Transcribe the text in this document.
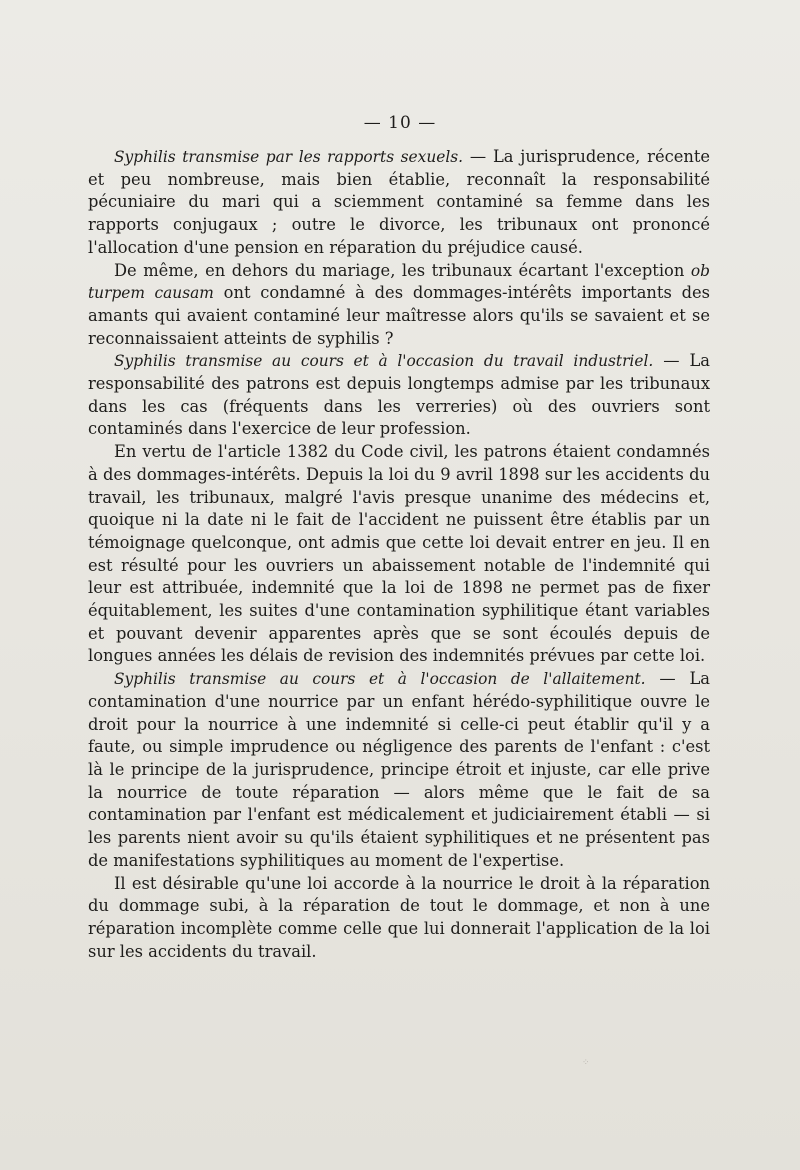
— 10 —

Syphilis transmise par les rapports sexuels. — La jurisprudence, récente et peu nombreuse, mais bien établie, reconnaît la responsabilité pécuniaire du mari qui a sciemment contaminé sa femme dans les rapports conjugaux ; outre le divorce, les tribunaux ont prononcé l'allocation d'une pension en réparation du préjudice causé.

De même, en dehors du mariage, les tribunaux écartant l'exception ob turpem causam ont condamné à des dommages-intérêts importants des amants qui avaient contaminé leur maîtresse alors qu'ils se savaient et se reconnaissaient atteints de syphilis ?

Syphilis transmise au cours et à l'occasion du travail industriel. — La responsabilité des patrons est depuis longtemps admise par les tribunaux dans les cas (fréquents dans les verreries) où des ouvriers sont contaminés dans l'exercice de leur profession.

En vertu de l'article 1382 du Code civil, les patrons étaient condamnés à des dommages-intérêts. Depuis la loi du 9 avril 1898 sur les accidents du travail, les tribunaux, malgré l'avis presque unanime des médecins et, quoique ni la date ni le fait de l'accident ne puissent être établis par un témoignage quelconque, ont admis que cette loi devait entrer en jeu. Il en est résulté pour les ouvriers un abaissement notable de l'indemnité qui leur est attribuée, indemnité que la loi de 1898 ne permet pas de fixer équitablement, les suites d'une contamination syphilitique étant variables et pouvant devenir apparentes après que se sont écoulés depuis de longues années les délais de revision des indemnités prévues par cette loi.

Syphilis transmise au cours et à l'occasion de l'allaitement. — La contamination d'une nourrice par un enfant hérédo-syphilitique ouvre le droit pour la nourrice à une indemnité si celle-ci peut établir qu'il y a faute, ou simple imprudence ou négligence des parents de l'enfant : c'est là le principe de la jurisprudence, principe étroit et injuste, car elle prive la nourrice de toute réparation — alors même que le fait de sa contamination par l'enfant est médicalement et judiciairement établi — si les parents nient avoir su qu'ils étaient syphilitiques et ne présentent pas de manifestations syphilitiques au moment de l'expertise.

Il est désirable qu'une loi accorde à la nourrice le droit à la réparation du dommage subi, à la réparation de tout le dommage, et non à une réparation incomplète comme celle que lui donnerait l'application de la loi sur les accidents du travail.

⁘
